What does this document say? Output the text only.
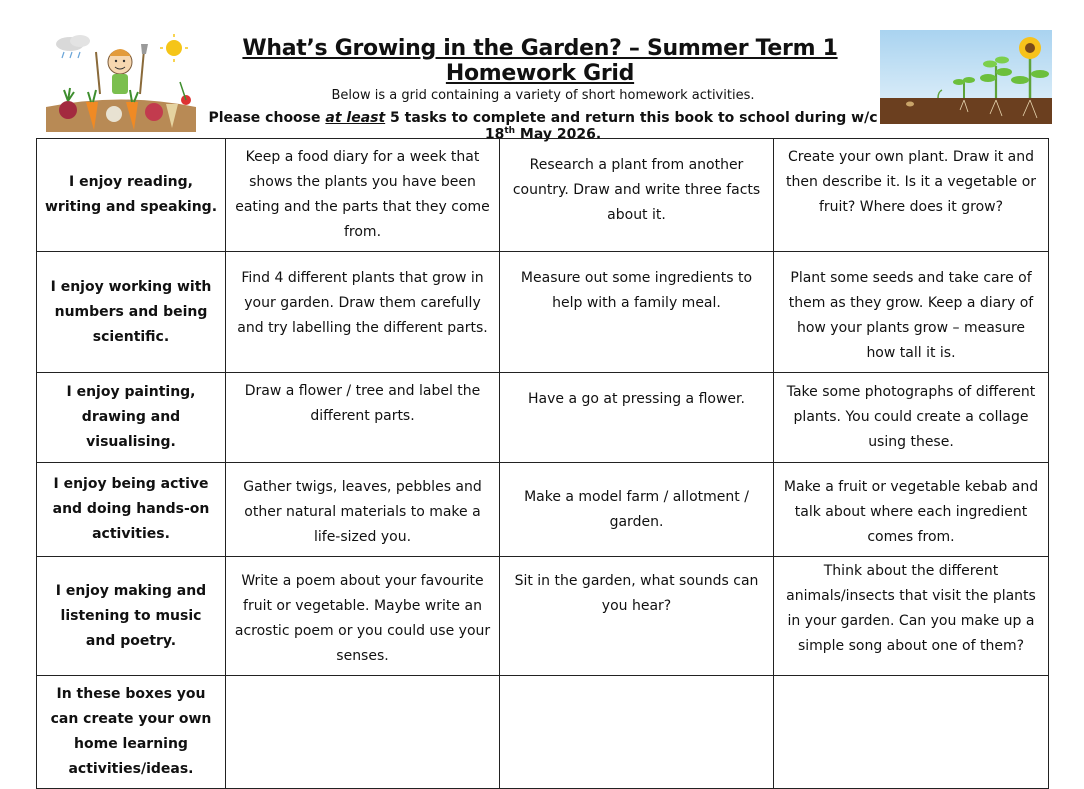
What’s Growing in the Garden? – Summer Term 1 Homework Grid
Below is a grid containing a variety of short homework activities.
Please choose at least 5 tasks to complete and return this book to school during w/c 18th May 2026.
I enjoy reading, writing and speaking.	Keep a food diary for a week that shows the plants you have been eating and the parts that they come from.	Research a plant from another country. Draw and write three facts about it.	Create your own plant. Draw it and then describe it. Is it a vegetable or fruit? Where does it grow?
I enjoy working with numbers and being scientific.	Find 4 different plants that grow in your garden. Draw them carefully and try labelling the different parts.	Measure out some ingredients to help with a family meal.	Plant some seeds and take care of them as they grow. Keep a diary of how your plants grow – measure how tall it is.
I enjoy painting, drawing and visualising.	Draw a flower / tree and label the different parts.	Have a go at pressing a flower.	Take some photographs of different plants. You could create a collage using these.
I enjoy being active and doing hands-on activities.	Gather twigs, leaves, pebbles and other natural materials to make a life-sized you.	Make a model farm / allotment / garden.	Make a fruit or vegetable kebab and talk about where each ingredient comes from.
I enjoy making and listening to music and poetry.	Write a poem about your favourite fruit or vegetable. Maybe write an acrostic poem or you could use your senses.	Sit in the garden, what sounds can you hear?	Think about the different animals/insects that visit the plants in your garden. Can you make up a simple song about one of them?
In these boxes you can create your own home learning activities/ideas.			
